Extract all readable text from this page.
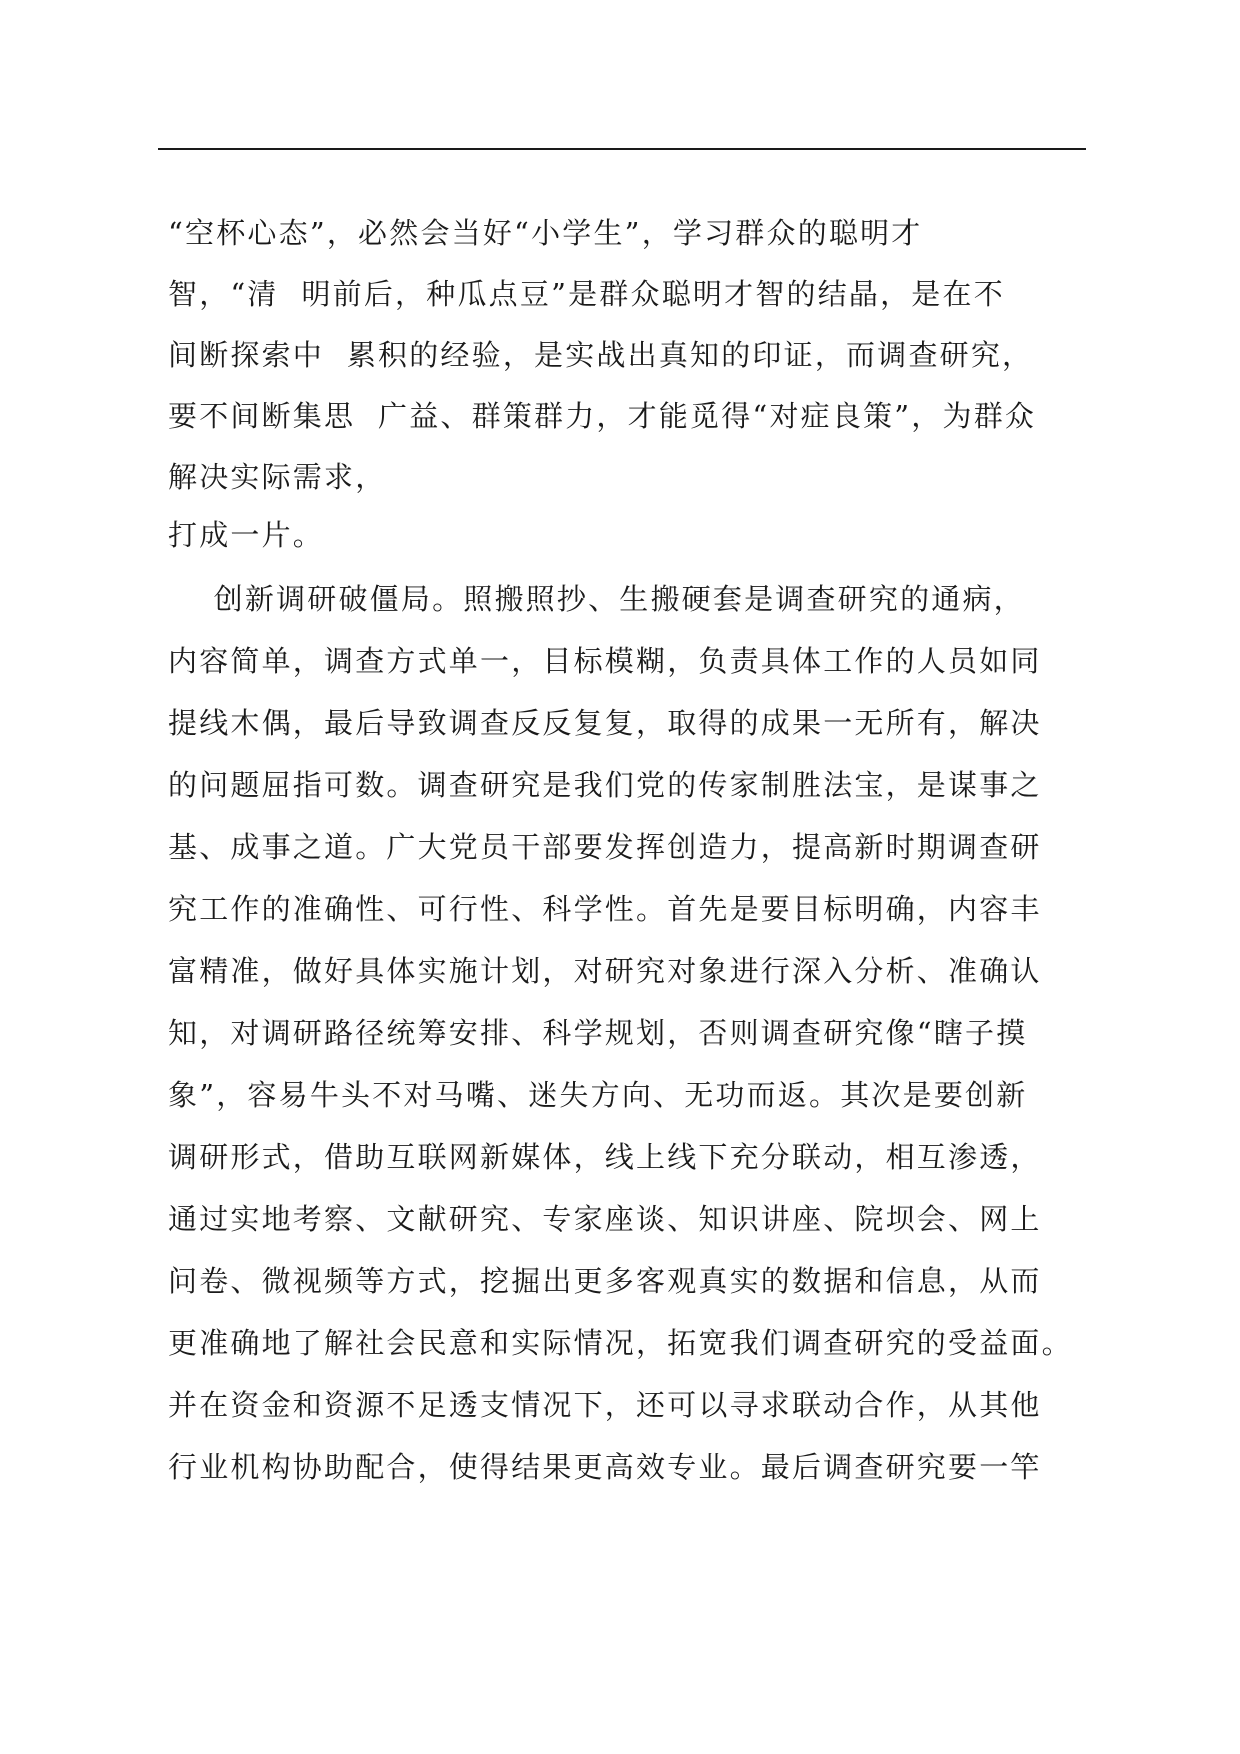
“空杯心态”，必然会当好“小学生”，学习群众的聪明才
智，“清  明前后，种瓜点豆”是群众聪明才智的结晶，是在不
间断探索中  累积的经验，是实战出真知的印证，而调查研究，
要不间断集思  广益、群策群力，才能觅得“对症良策”，为群众
解决实际需求，
打成一片。
创新调研破僵局。照搬照抄、生搬硬套是调查研究的通病，
内容简单，调查方式单一，目标模糊，负责具体工作的人员如同
提线木偶，最后导致调查反反复复，取得的成果一无所有，解决
的问题屈指可数。调查研究是我们党的传家制胜法宝，是谋事之
基、成事之道。广大党员干部要发挥创造力，提高新时期调查研
究工作的准确性、可行性、科学性。首先是要目标明确，内容丰
富精准，做好具体实施计划，对研究对象进行深入分析、准确认
知，对调研路径统筹安排、科学规划，否则调查研究像“瞎子摸
象”，容易牛头不对马嘴、迷失方向、无功而返。其次是要创新
调研形式，借助互联网新媒体，线上线下充分联动，相互渗透，
通过实地考察、文献研究、专家座谈、知识讲座、院坝会、网上
问卷、微视频等方式，挖掘出更多客观真实的数据和信息，从而
更准确地了解社会民意和实际情况，拓宽我们调查研究的受益面。
并在资金和资源不足透支情况下，还可以寻求联动合作，从其他
行业机构协助配合，使得结果更高效专业。最后调查研究要一竿
